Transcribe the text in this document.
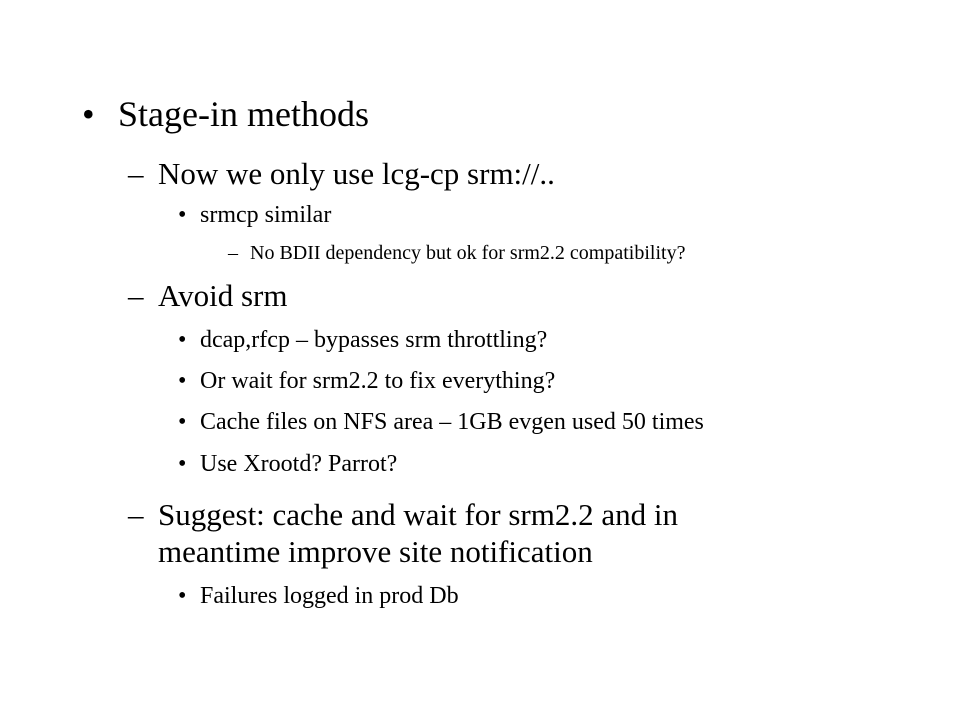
• Stage-in methods
– Now we only use lcg-cp srm://..
• srmcp similar
– No BDII dependency but ok for srm2.2 compatibility?
– Avoid srm
• dcap,rfcp – bypasses srm throttling?
• Or wait for srm2.2 to fix everything?
• Cache files on NFS area – 1GB evgen used 50 times
• Use Xrootd? Parrot?
– Suggest: cache and wait for srm2.2 and in
meantime improve site notification
• Failures logged in prod Db
